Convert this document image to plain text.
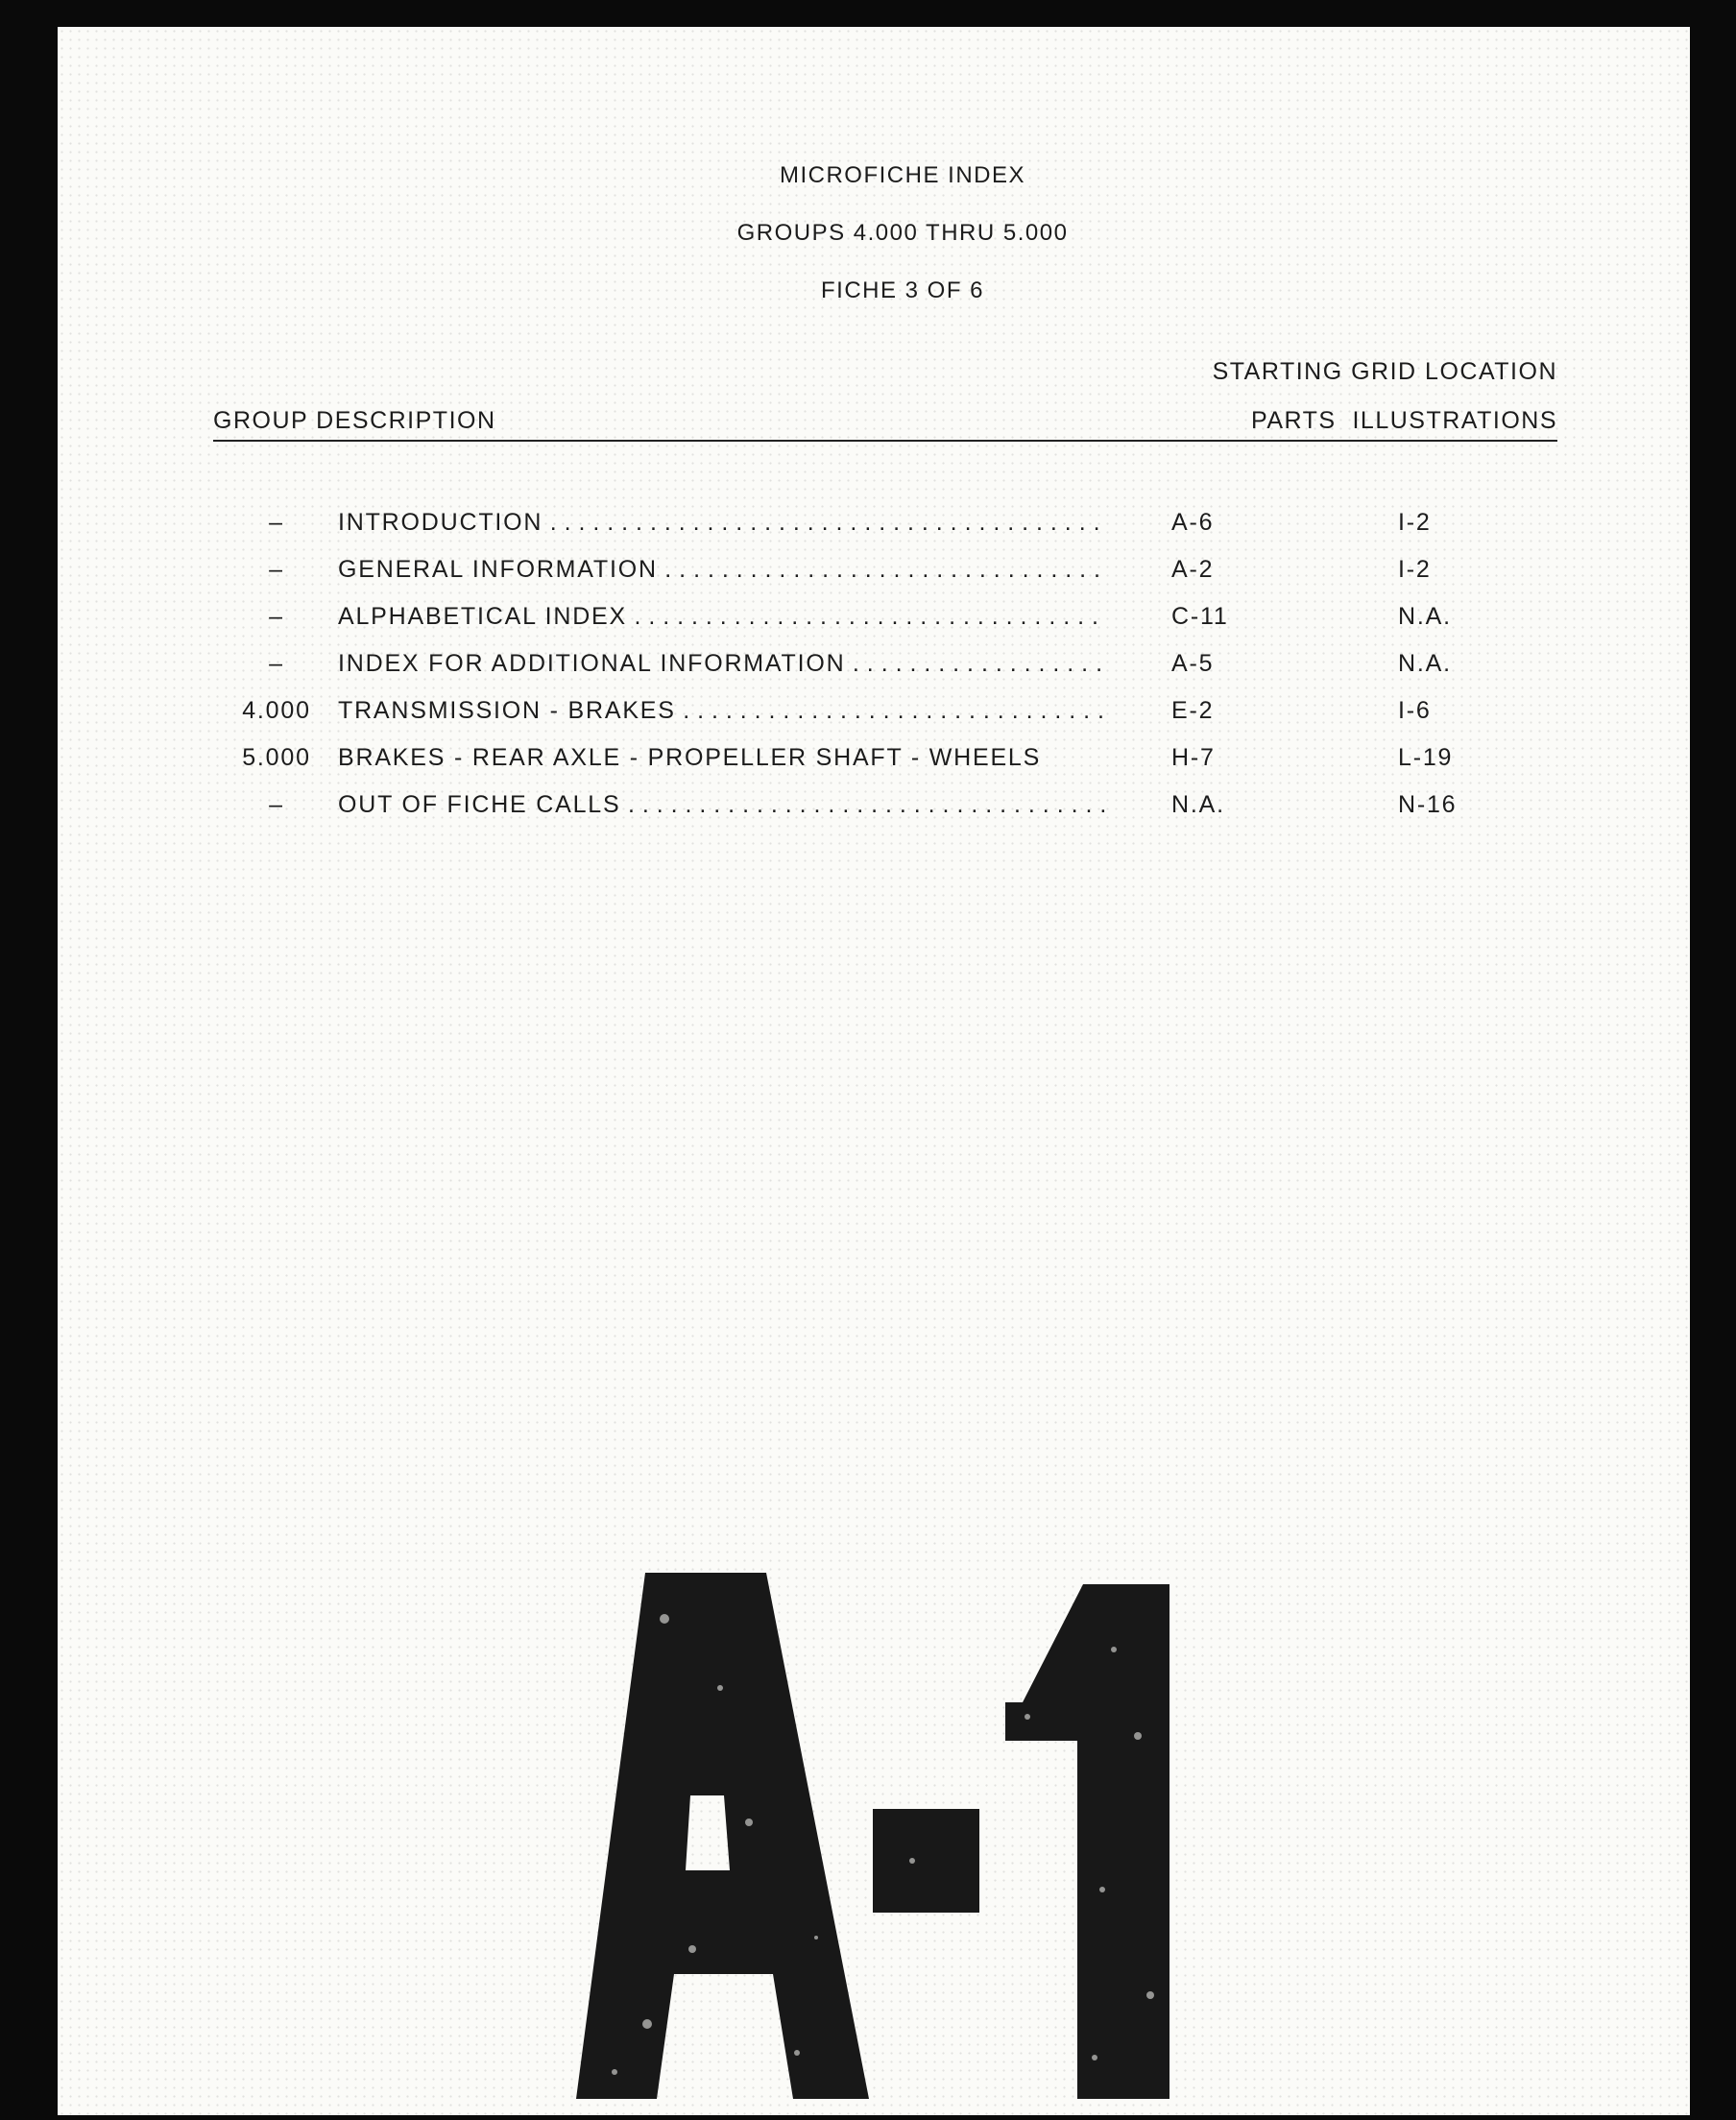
MICROFICHE INDEX
GROUPS 4.000 THRU 5.000
FICHE 3 OF 6
STARTING GRID LOCATION
GROUP DESCRIPTION	PARTS  ILLUSTRATIONS
–	INTRODUCTION . . .	A-6	I-2
–	GENERAL INFORMATION . . .	A-2	I-2
–	ALPHABETICAL INDEX . . .	C-11	N.A.
–	INDEX FOR ADDITIONAL INFORMATION . . .	A-5	N.A.
4.000	TRANSMISSION - BRAKES . . .	E-2	I-6
5.000	BRAKES - REAR AXLE - PROPELLER SHAFT - WHEELS	H-7	L-19
–	OUT OF FICHE CALLS . . .	N.A.	N-16
